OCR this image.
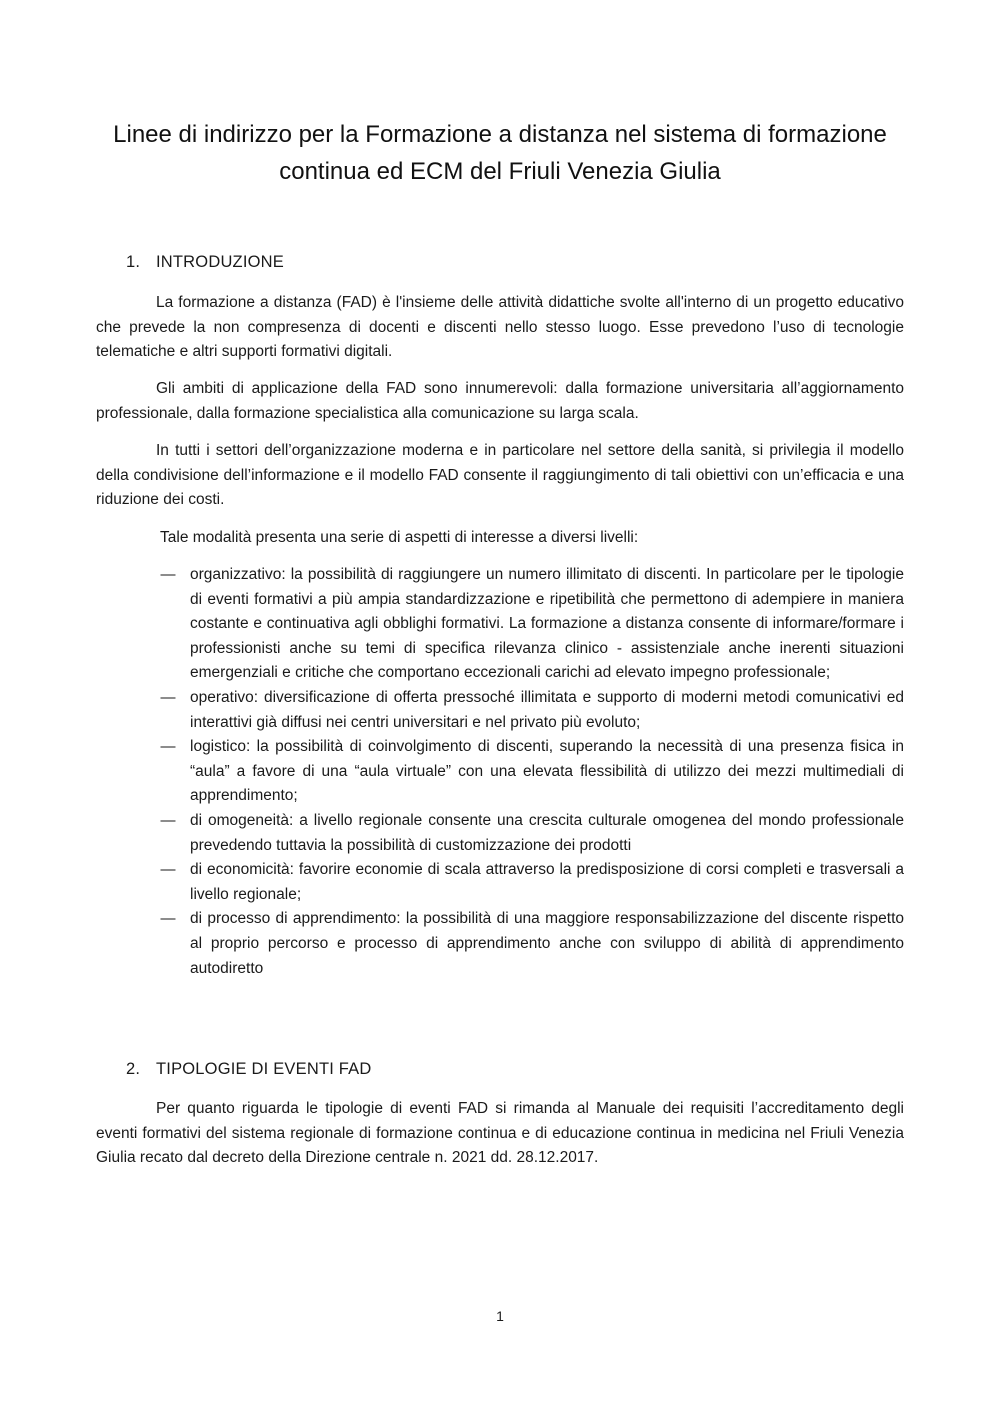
Linee di indirizzo per la Formazione a distanza nel sistema di formazione continua ed ECM del Friuli Venezia Giulia
1. INTRODUZIONE

La formazione a distanza (FAD) è l'insieme delle attività didattiche svolte all'interno di un progetto educativo che prevede la non compresenza di docenti e discenti nello stesso luogo. Esse prevedono l’uso di tecnologie telematiche e altri supporti formativi digitali.

Gli ambiti di applicazione della FAD sono innumerevoli: dalla formazione universitaria all’aggiornamento professionale, dalla formazione specialistica alla comunicazione su larga scala.

In tutti i settori dell’organizzazione moderna e in particolare nel settore della sanità, si privilegia il modello della condivisione dell’informazione e il modello FAD consente il raggiungimento di tali obiettivi con un’efficacia e una riduzione dei costi.

Tale modalità presenta una serie di aspetti di interesse a diversi livelli:

— organizzativo: la possibilità di raggiungere un numero illimitato di discenti. In particolare per le tipologie di eventi formativi a più ampia standardizzazione e ripetibilità che permettono di adempiere in maniera costante e continuativa agli obblighi formativi. La formazione a distanza consente di informare/formare i professionisti anche su temi di specifica rilevanza clinico - assistenziale anche inerenti situazioni emergenziali e critiche che comportano eccezionali carichi ad elevato impegno professionale;
— operativo: diversificazione di offerta pressoché illimitata e supporto di moderni metodi comunicativi ed interattivi già diffusi nei centri universitari e nel privato più evoluto;
— logistico: la possibilità di coinvolgimento di discenti, superando la necessità di una presenza fisica in “aula” a favore di una “aula virtuale” con una elevata flessibilità di utilizzo dei mezzi multimediali di apprendimento;
— di omogeneità: a livello regionale consente una crescita culturale omogenea del mondo professionale prevedendo tuttavia la possibilità di customizzazione dei prodotti
— di economicità: favorire economie di scala attraverso la predisposizione di corsi completi e trasversali a livello regionale;
— di processo di apprendimento: la possibilità di una maggiore responsabilizzazione del discente rispetto al proprio percorso e processo di apprendimento anche con sviluppo di abilità di apprendimento autodiretto
2. TIPOLOGIE DI EVENTI FAD

Per quanto riguarda le tipologie di eventi FAD si rimanda al Manuale dei requisiti l’accreditamento degli eventi formativi del sistema regionale di formazione continua e di educazione continua in medicina nel Friuli Venezia Giulia recato dal decreto della Direzione centrale n. 2021 dd. 28.12.2017.

1
